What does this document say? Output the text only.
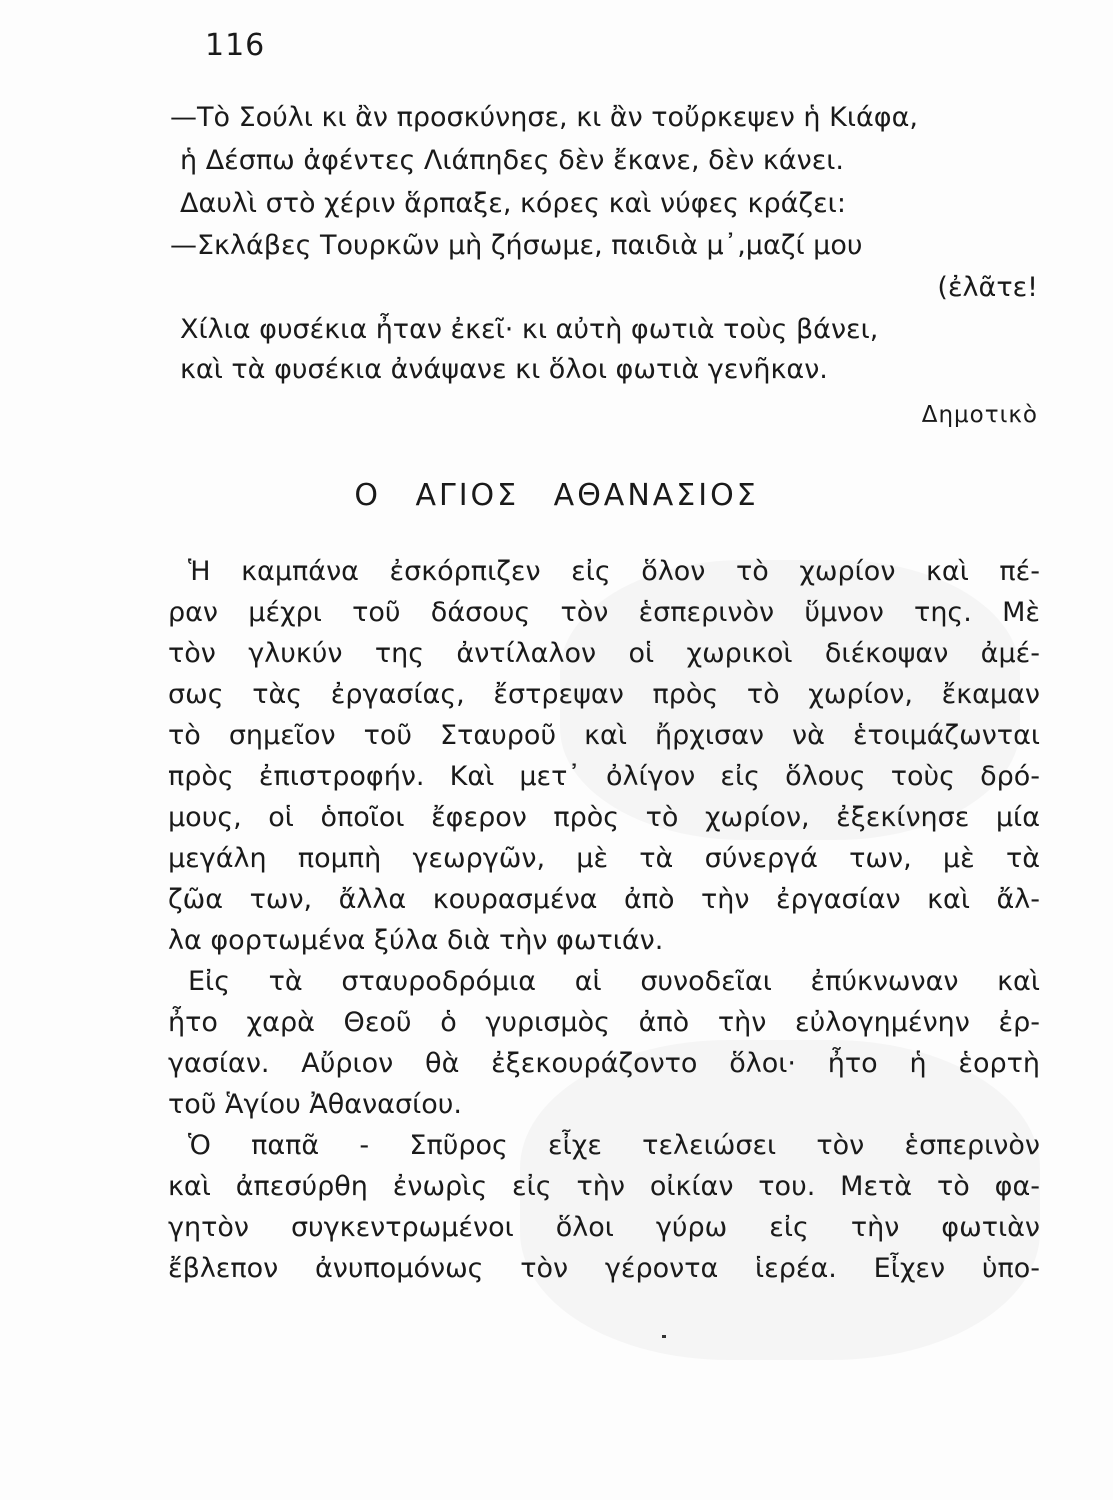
116
—Τὸ Σούλι κι ἂν προσκύνησε, κι ἂν τοὔρκεψεν ἡ Κιάφα,
ἡ Δέσπω ἀφέντες Λιάπηδες δὲν ἔκανε, δὲν κάνει.
Δαυλὶ στὸ χέριν ἅρπαξε, κόρες καὶ νύφες κράζει:
—Σκλάβες Τουρκῶν μὴ ζήσωμε, παιδιὰ μ᾽,μαζί μου
(ἐλᾶτε!
Χίλια φυσέκια ἦταν ἐκεῖ· κι αὐτὴ φωτιὰ τοὺς βάνει,
καὶ τὰ φυσέκια ἀνάψανε κι ὅλοι φωτιὰ γενῆκαν.
Δημοτικὸ
Ο ΑΓΙΟΣ ΑΘΑΝΑΣΙΟΣ
Ἡ καμπάνα ἐσκόρπιζεν εἰς ὅλον τὸ χωρίον καὶ πέ-
ραν μέχρι τοῦ δάσους τὸν ἑσπερινὸν ὕμνον της. Μὲ
τὸν γλυκύν της ἀντίλαλον οἱ χωρικοὶ διέκοψαν ἀμέ-
σως τὰς ἐργασίας, ἔστρεψαν πρὸς τὸ χωρίον, ἔκαμαν
τὸ σημεῖον τοῦ Σταυροῦ καὶ ἤρχισαν νὰ ἑτοιμάζωνται
πρὸς ἐπιστροφήν. Καὶ μετ᾽ ὀλίγον εἰς ὅλους τοὺς δρό-
μους, οἱ ὁποῖοι ἔφερον πρὸς τὸ χωρίον, ἐξεκίνησε μία
μεγάλη πομπὴ γεωργῶν, μὲ τὰ σύνεργά των, μὲ τὰ
ζῶα των, ἄλλα κουρασμένα ἀπὸ τὴν ἐργασίαν καὶ ἄλ-
λα φορτωμένα ξύλα διὰ τὴν φωτιάν.
Εἰς τὰ σταυροδρόμια αἱ συνοδεῖαι ἐπύκνωναν καὶ
ἦτο χαρὰ Θεοῦ ὁ γυρισμὸς ἀπὸ τὴν εὐλογημένην ἐρ-
γασίαν. Αὔριον θὰ ἐξεκουράζοντο ὅλοι· ἦτο ἡ ἑορτὴ
τοῦ Ἁγίου Ἀθανασίου.
Ὁ παπᾶ - Σπῦρος εἶχε τελειώσει τὸν ἑσπερινὸν
καὶ ἀπεσύρθη ἐνωρὶς εἰς τὴν οἰκίαν του. Μετὰ τὸ φα-
γητὸν συγκεντρωμένοι ὅλοι γύρω εἰς τὴν φωτιὰν
ἔβλεπον ἀνυπομόνως τὸν γέροντα ἱερέα. Εἶχεν ὑπο-
